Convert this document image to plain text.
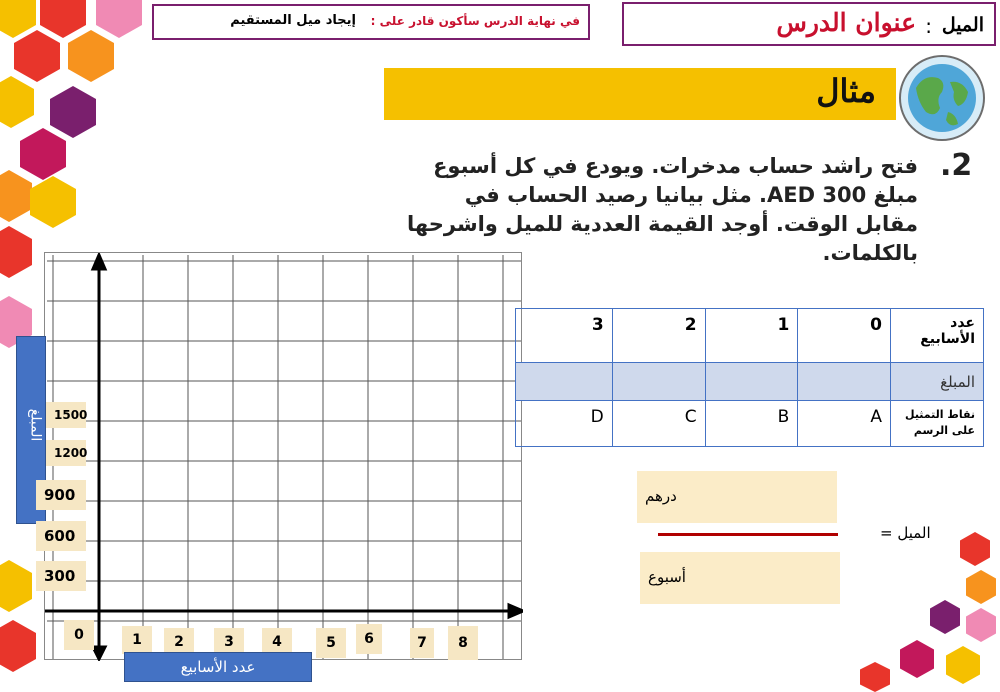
عنوان الدرس : الميل
في نهاية الدرس سأكون قادر على :
إيجاد ميل المستقيم
مثال
.2
فتح راشد حساب مدخرات. ويودع في كل أسبوع مبلغ AED 300. مثل بيانيا رصيد الحساب في مقابل الوقت. أوجد القيمة العددية للميل واشرحها بالكلمات.
المبلغ 1500
1200
900
600
300
0	1	2	3	4	5	6	7	8
عدد الأسابيع
عدد الأسابيع	0	1	2	3
المبلغ				
نقاط التمثيل على الرسم	A	B	C	D
درهم
أسبوع
الميل =
